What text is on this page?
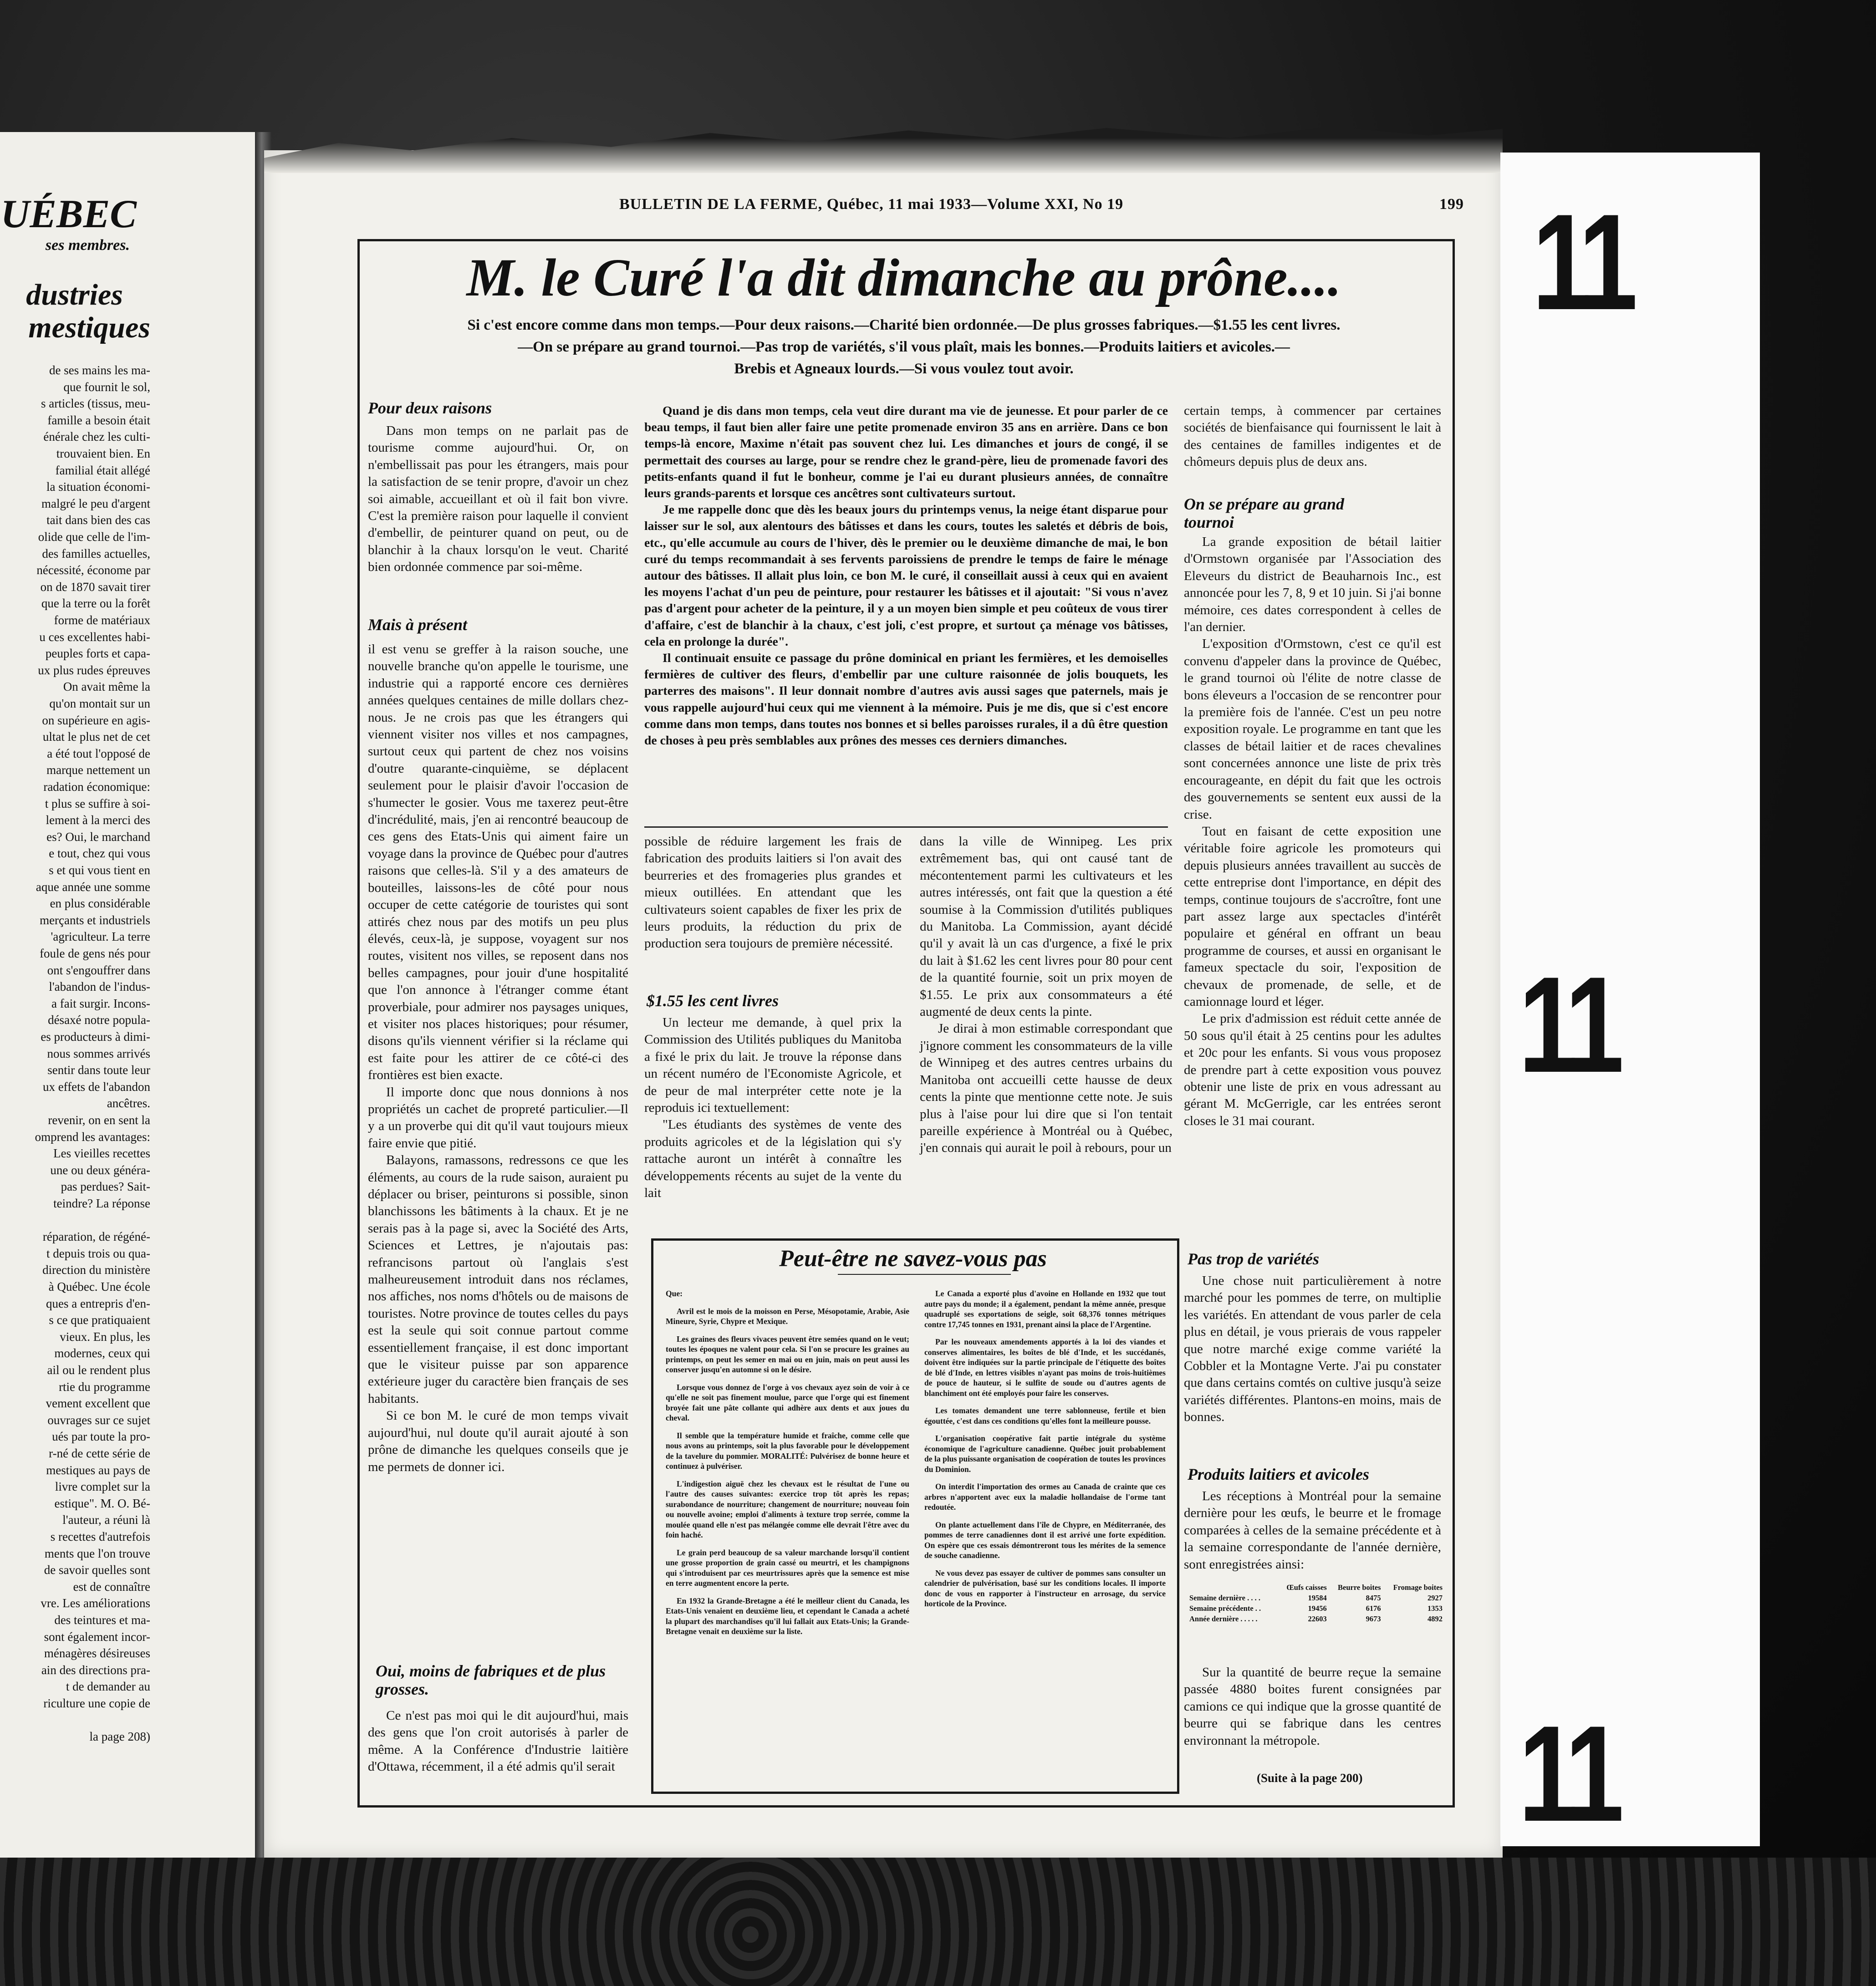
UÉBEC
ses membres.
dustries
mestiques
de ses mains les ma-
que fournit le sol,
s articles (tissus, meu-
famille a besoin était
énérale chez les culti-
trouvaient bien. En
familial était allégé
la situation économi-
malgré le peu d'argent
tait dans bien des cas
olide que celle de l'im-
des familles actuelles,
nécessité, économe par
on de 1870 savait tirer
que la terre ou la forêt
forme de matériaux
u ces excellentes habi-
peuples forts et capa-
ux plus rudes épreuves
On avait même la
qu'on montait sur un
on supérieure en agis-
ultat le plus net de cet
a été tout l'opposé de
marque nettement un
radation économique:
t plus se suffire à soi-
lement à la merci des
es? Oui, le marchand
e tout, chez qui vous
s et qui vous tient en
aque année une somme
en plus considérable
merçants et industriels
'agriculteur. La terre
foule de gens nés pour
ont s'engouffrer dans
l'abandon de l'indus-
a fait surgir. Incons-
désaxé notre popula-
es producteurs à dimi-
nous sommes arrivés
sentir dans toute leur
ux effets de l'abandon
ancêtres.
revenir, on en sent la
omprend les avantages:
Les vieilles recettes
une ou deux généra-
pas perdues? Sait-
teindre? La réponse
réparation, de régéné-
t depuis trois ou qua-
direction du ministère
à Québec. Une école
ques a entrepris d'en-
s ce que pratiquaient
vieux. En plus, les
modernes, ceux qui
ail ou le rendent plus
rtie du programme
vement excellent que
ouvrages sur ce sujet
ués par toute la pro-
r-né de cette série de
mestiques au pays de
livre complet sur la
estique". M. O. Bé-
l'auteur, a réuni là
s recettes d'autrefois
ments que l'on trouve
de savoir quelles sont
est de connaître
vre. Les améliorations
des teintures et ma-
sont également incor-
ménagères désireuses
ain des directions pra-
t de demander au
riculture une copie de
la page 208)
11
11
11
BULLETIN DE LA FERME, Québec, 11 mai 1933—Volume XXI, No 19	199
M. le Curé l'a dit dimanche au prône....
Si c'est encore comme dans mon temps.—Pour deux raisons.—Charité bien ordonnée.—De plus grosses fabriques.—$1.55 les cent livres.
—On se prépare au grand tournoi.—Pas trop de variétés, s'il vous plaît, mais les bonnes.—Produits laitiers et avicoles.—
Brebis et Agneaux lourds.—Si vous voulez tout avoir.
Pour deux raisons

Dans mon temps on ne parlait pas de tourisme comme aujourd'hui. Or, on n'embellissait pas pour les étrangers, mais pour la satisfaction de se tenir propre, d'avoir un chez soi aimable, accueillant et où il fait bon vivre. C'est la première raison pour laquelle il convient d'embellir, de peinturer quand on peut, ou de blanchir à la chaux lorsqu'on le veut. Charité bien ordonnée commence par soi-même.

Mais à présent

il est venu se greffer à la raison souche, une nouvelle branche qu'on appelle le tourisme, une industrie qui a rapporté encore ces dernières années quelques centaines de mille dollars chez-nous. Je ne crois pas que les étrangers qui viennent visiter nos villes et nos campagnes, surtout ceux qui partent de chez nos voisins d'outre quarante-cinquième, se déplacent seulement pour le plaisir d'avoir l'occasion de s'humecter le gosier. Vous me taxerez peut-être d'incrédulité, mais, j'en ai rencontré beaucoup de ces gens des Etats-Unis qui aiment faire un voyage dans la province de Québec pour d'autres raisons que celles-là. S'il y a des amateurs de bouteilles, laissons-les de côté pour nous occuper de cette catégorie de touristes qui sont attirés chez nous par des motifs un peu plus élevés, ceux-là, je suppose, voyagent sur nos routes, visitent nos villes, se reposent dans nos belles campagnes, pour jouir d'une hospitalité que l'on annonce à l'étranger comme étant proverbiale, pour admirer nos paysages uniques, et visiter nos places historiques; pour résumer, disons qu'ils viennent vérifier si la réclame qui est faite pour les attirer de ce côté-ci des frontières est bien exacte.

Il importe donc que nous donnions à nos propriétés un cachet de propreté particulier.—Il y a un proverbe qui dit qu'il vaut toujours mieux faire envie que pitié.

Balayons, ramassons, redressons ce que les éléments, au cours de la rude saison, auraient pu déplacer ou briser, peinturons si possible, sinon blanchissons les bâtiments à la chaux. Et je ne serais pas à la page si, avec la Société des Arts, Sciences et Lettres, je n'ajoutais pas: refrancisons partout où l'anglais s'est malheureusement introduit dans nos réclames, nos affiches, nos noms d'hôtels ou de maisons de touristes. Notre province de toutes celles du pays est la seule qui soit connue partout comme essentiellement française, il est donc important que le visiteur puisse par son apparence extérieure juger du caractère bien français de ses habitants.

Si ce bon M. le curé de mon temps vivait aujourd'hui, nul doute qu'il aurait ajouté à son prône de dimanche les quelques conseils que je me permets de donner ici.

Oui, moins de fabriques et de plus grosses.

Ce n'est pas moi qui le dit aujourd'hui, mais des gens que l'on croit autorisés à parler de même. A la Conférence d'Industrie laitière d'Ottawa, récemment, il a été admis qu'il serait

Quand je dis dans mon temps, cela veut dire durant ma vie de jeunesse. Et pour parler de ce beau temps, il faut bien aller faire une petite promenade environ 35 ans en arrière. Dans ce bon temps-là encore, Maxime n'était pas souvent chez lui. Les dimanches et jours de congé, il se permettait des courses au large, pour se rendre chez le grand-père, lieu de promenade favori des petits-enfants quand il fut le bonheur, comme je l'ai eu durant plusieurs années, de connaître leurs grands-parents et lorsque ces ancêtres sont cultivateurs surtout.

Je me rappelle donc que dès les beaux jours du printemps venus, la neige étant disparue pour laisser sur le sol, aux alentours des bâtisses et dans les cours, toutes les saletés et débris de bois, etc., qu'elle accumule au cours de l'hiver, dès le premier ou le deuxième dimanche de mai, le bon curé du temps recommandait à ses fervents paroissiens de prendre le temps de faire le ménage autour des bâtisses. Il allait plus loin, ce bon M. le curé, il conseillait aussi à ceux qui en avaient les moyens l'achat d'un peu de peinture, pour restaurer les bâtisses et il ajoutait: "Si vous n'avez pas d'argent pour acheter de la peinture, il y a un moyen bien simple et peu coûteux de vous tirer d'affaire, c'est de blanchir à la chaux, c'est joli, c'est propre, et surtout ça ménage vos bâtisses, cela en prolonge la durée".

Il continuait ensuite ce passage du prône dominical en priant les fermières, et les demoiselles fermières de cultiver des fleurs, d'embellir par une culture raisonnée de jolis bouquets, les parterres des maisons". Il leur donnait nombre d'autres avis aussi sages que paternels, mais je vous rappelle aujourd'hui ceux qui me viennent à la mémoire. Puis je me dis, que si c'est encore comme dans mon temps, dans toutes nos bonnes et si belles paroisses rurales, il a dû être question de choses à peu près semblables aux prônes des messes ces derniers dimanches.

possible de réduire largement les frais de fabrication des produits laitiers si l'on avait des beurreries et des fromageries plus grandes et mieux outillées. En attendant que les cultivateurs soient capables de fixer les prix de leurs produits, la réduction du prix de production sera toujours de première nécessité.

$1.55 les cent livres

Un lecteur me demande, à quel prix la Commission des Utilités publiques du Manitoba a fixé le prix du lait. Je trouve la réponse dans un récent numéro de l'Economiste Agricole, et de peur de mal interpréter cette note je la reproduis ici textuellement:

"Les étudiants des systèmes de vente des produits agricoles et de la législation qui s'y rattache auront un intérêt à connaître les développements récents au sujet de la vente du lait

dans la ville de Winnipeg. Les prix extrêmement bas, qui ont causé tant de mécontentement parmi les cultivateurs et les autres intéressés, ont fait que la question a été soumise à la Commission d'utilités publiques du Manitoba. La Commission, ayant décidé qu'il y avait là un cas d'urgence, a fixé le prix du lait à $1.62 les cent livres pour 80 pour cent de la quantité fournie, soit un prix moyen de $1.55. Le prix aux consommateurs a été augmenté de deux cents la pinte.

Je dirai à mon estimable correspondant que j'ignore comment les consommateurs de la ville de Winnipeg et des autres centres urbains du Manitoba ont accueilli cette hausse de deux cents la pinte que mentionne cette note. Je suis plus à l'aise pour lui dire que si l'on tentait pareille expérience à Montréal ou à Québec, j'en connais qui aurait le poil à rebours, pour un

Peut-être ne savez-vous pas

Que:

Avril est le mois de la moisson en Perse, Mésopotamie, Arabie, Asie Mineure, Syrie, Chypre et Mexique.

Les graines des fleurs vivaces peuvent être semées quand on le veut; toutes les époques ne valent pour cela. Si l'on se procure les graines au printemps, on peut les semer en mai ou en juin, mais on peut aussi les conserver jusqu'en automne si on le désire.

Lorsque vous donnez de l'orge à vos chevaux ayez soin de voir à ce qu'elle ne soit pas finement moulue, parce que l'orge qui est finement broyée fait une pâte collante qui adhère aux dents et aux joues du cheval.

Il semble que la température humide et fraîche, comme celle que nous avons au printemps, soit la plus favorable pour le développement de la tavelure du pommier. MORALITÉ: Pulvérisez de bonne heure et continuez à pulvériser.

L'indigestion aiguë chez les chevaux est le résultat de l'une ou l'autre des causes suivantes: exercice trop tôt après les repas; surabondance de nourriture; changement de nourriture; nouveau foin ou nouvelle avoine; emploi d'aliments à texture trop serrée, comme la moulée quand elle n'est pas mélangée comme elle devrait l'être avec du foin haché.

Le grain perd beaucoup de sa valeur marchande lorsqu'il contient une grosse proportion de grain cassé ou meurtri, et les champignons qui s'introduisent par ces meurtrissures après que la semence est mise en terre augmentent encore la perte.

En 1932 la Grande-Bretagne a été le meilleur client du Canada, les Etats-Unis venaient en deuxième lieu, et cependant le Canada a acheté la plupart des marchandises qu'il lui fallait aux Etats-Unis; la Grande-Bretagne venait en deuxième sur la liste.

Le Canada a exporté plus d'avoine en Hollande en 1932 que tout autre pays du monde; il a également, pendant la même année, presque quadruplé ses exportations de seigle, soit 68,376 tonnes métriques contre 17,745 tonnes en 1931, prenant ainsi la place de l'Argentine.

Par les nouveaux amendements apportés à la loi des viandes et conserves alimentaires, les boîtes de blé d'Inde, et les succédanés, doivent être indiquées sur la partie principale de l'étiquette des boîtes de blé d'Inde, en lettres visibles n'ayant pas moins de trois-huitièmes de pouce de hauteur, si le sulfite de soude ou d'autres agents de blanchiment ont été employés pour faire les conserves.

Les tomates demandent une terre sablonneuse, fertile et bien égouttée, c'est dans ces conditions qu'elles font la meilleure pousse.

L'organisation coopérative fait partie intégrale du système économique de l'agriculture canadienne. Québec jouit probablement de la plus puissante organisation de coopération de toutes les provinces du Dominion.

On interdit l'importation des ormes au Canada de crainte que ces arbres n'apportent avec eux la maladie hollandaise de l'orme tant redoutée.

On plante actuellement dans l'île de Chypre, en Méditerranée, des pommes de terre canadiennes dont il est arrivé une forte expédition. On espère que ces essais démontreront tous les mérites de la semence de souche canadienne.

Ne vous devez pas essayer de cultiver de pommes sans consulter un calendrier de pulvérisation, basé sur les conditions locales. Il importe donc de vous en rapporter à l'instructeur en arrosage, du service horticole de la Province.

certain temps, à commencer par certaines sociétés de bienfaisance qui fournissent le lait à des centaines de familles indigentes et de chômeurs depuis plus de deux ans.

On se prépare au grand tournoi

La grande exposition de bétail laitier d'Ormstown organisée par l'Association des Eleveurs du district de Beauharnois Inc., est annoncée pour les 7, 8, 9 et 10 juin. Si j'ai bonne mémoire, ces dates correspondent à celles de l'an dernier.

L'exposition d'Ormstown, c'est ce qu'il est convenu d'appeler dans la province de Québec, le grand tournoi où l'élite de notre classe de bons éleveurs a l'occasion de se rencontrer pour la première fois de l'année. C'est un peu notre exposition royale. Le programme en tant que les classes de bétail laitier et de races chevalines sont concernées annonce une liste de prix très encourageante, en dépit du fait que les octrois des gouvernements se sentent eux aussi de la crise.

Tout en faisant de cette exposition une véritable foire agricole les promoteurs qui depuis plusieurs années travaillent au succès de cette entreprise dont l'importance, en dépit des temps, continue toujours de s'accroître, font une part assez large aux spectacles d'intérêt populaire et général en offrant un beau programme de courses, et aussi en organisant le fameux spectacle du soir, l'exposition de chevaux de promenade, de selle, et de camionnage lourd et léger.

Le prix d'admission est réduit cette année de 50 sous qu'il était à 25 centins pour les adultes et 20c pour les enfants. Si vous vous proposez de prendre part à cette exposition vous pouvez obtenir une liste de prix en vous adressant au gérant M. McGerrigle, car les entrées seront closes le 31 mai courant.

Pas trop de variétés

Une chose nuit particulièrement à notre marché pour les pommes de terre, on multiplie les variétés. En attendant de vous parler de cela plus en détail, je vous prierais de vous rappeler que notre marché exige comme variété la Cobbler et la Montagne Verte. J'ai pu constater que dans certains comtés on cultive jusqu'à seize variétés différentes. Plantons-en moins, mais de bonnes.

Produits laitiers et avicoles

Les réceptions à Montréal pour la semaine dernière pour les œufs, le beurre et le fromage comparées à celles de la semaine précédente et à la semaine correspondante de l'année dernière, sont enregistrées ainsi:

	Œufs caisses	Beurre boites	Fromage boites
Semaine dernière . . . .	19584	8475	2927
Semaine précédente . .	19456	6176	1353
Année dernière . . . . .	22603	9673	4892

Sur la quantité de beurre reçue la semaine passée 4880 boites furent consignées par camions ce qui indique que la grosse quantité de beurre qui se fabrique dans les centres environnant la métropole.

(Suite à la page 200)
